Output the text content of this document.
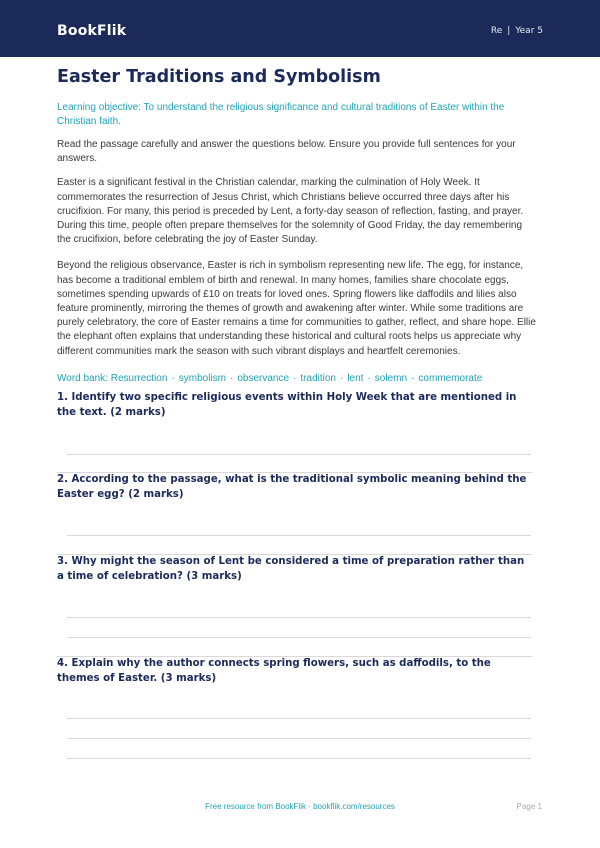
BookFlik	Re | Year 5
Easter Traditions and Symbolism
Learning objective: To understand the religious significance and cultural traditions of Easter within the Christian faith.
Read the passage carefully and answer the questions below. Ensure you provide full sentences for your answers.
Easter is a significant festival in the Christian calendar, marking the culmination of Holy Week. It commemorates the resurrection of Jesus Christ, which Christians believe occurred three days after his crucifixion. For many, this period is preceded by Lent, a forty-day season of reflection, fasting, and prayer. During this time, people often prepare themselves for the solemnity of Good Friday, the day remembering the crucifixion, before celebrating the joy of Easter Sunday.
Beyond the religious observance, Easter is rich in symbolism representing new life. The egg, for instance, has become a traditional emblem of birth and renewal. In many homes, families share chocolate eggs, sometimes spending upwards of £10 on treats for loved ones. Spring flowers like daffodils and lilies also feature prominently, mirroring the themes of growth and awakening after winter. While some traditions are purely celebratory, the core of Easter remains a time for communities to gather, reflect, and share hope. Ellie the elephant often explains that understanding these historical and cultural roots helps us appreciate why different communities mark the season with such vibrant displays and heartfelt ceremonies.
Word bank: Resurrection · symbolism · observance · tradition · lent · solemn · commemorate
1. Identify two specific religious events within Holy Week that are mentioned in the text. (2 marks)
2. According to the passage, what is the traditional symbolic meaning behind the Easter egg? (2 marks)
3. Why might the season of Lent be considered a time of preparation rather than a time of celebration? (3 marks)
4. Explain why the author connects spring flowers, such as daffodils, to the themes of Easter. (3 marks)
Free resource from BookFlik · bookflik.com/resources	Page 1
